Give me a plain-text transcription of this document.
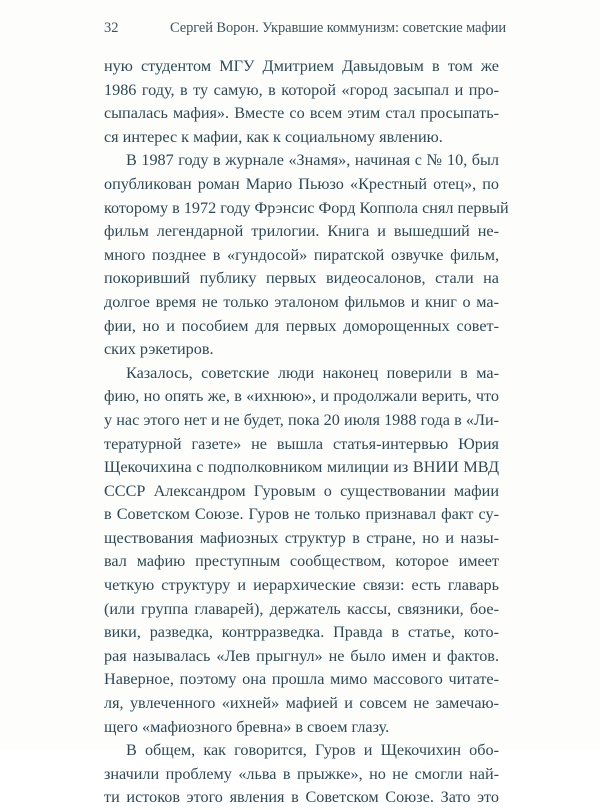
32	Сергей Ворон. Укравшие коммунизм: советские мафии
ную студентом МГУ Дмитрием Давыдовым в том же
1986 году, в ту самую, в которой «город засыпал и про-
сыпалась мафия». Вместе со всем этим стал просыпать-
ся интерес к мафии, как к социальному явлению.
В 1987 году в журнале «Знамя», начиная с № 10, был
опубликован роман Марио Пьюзо «Крестный отец», по
которому в 1972 году Фрэнсис Форд Коппола снял первый
фильм легендарной трилогии. Книга и вышедший не-
много позднее в «гундосой» пиратской озвучке фильм,
покоривший публику первых видеосалонов, стали на
долгое время не только эталоном фильмов и книг о ма-
фии, но и пособием для первых доморощенных совет-
ских рэкетиров.
Казалось, советские люди наконец поверили в ма-
фию, но опять же, в «ихнюю», и продолжали верить, что
у нас этого нет и не будет, пока 20 июля 1988 года в «Ли-
тературной газете» не вышла статья-интервью Юрия
Щекочихина с подполковником милиции из ВНИИ МВД
СССР Александром Гуровым о существовании мафии
в Советском Союзе. Гуров не только признавал факт су-
ществования мафиозных структур в стране, но и назы-
вал мафию преступным сообществом, которое имеет
четкую структуру и иерархические связи: есть главарь
(или группа главарей), держатель кассы, связники, бое-
вики, разведка, контрразведка. Правда в статье, кото-
рая называлась «Лев прыгнул» не было имен и фактов.
Наверное, поэтому она прошла мимо массового читате-
ля, увлеченного «ихней» мафией и совсем не замечаю-
щего «мафиозного бревна» в своем глазу.
В общем, как говорится, Гуров и Щекочихин обо-
значили проблему «льва в прыжке», но не смогли най-
ти истоков этого явления в Советском Союзе. Зато это
